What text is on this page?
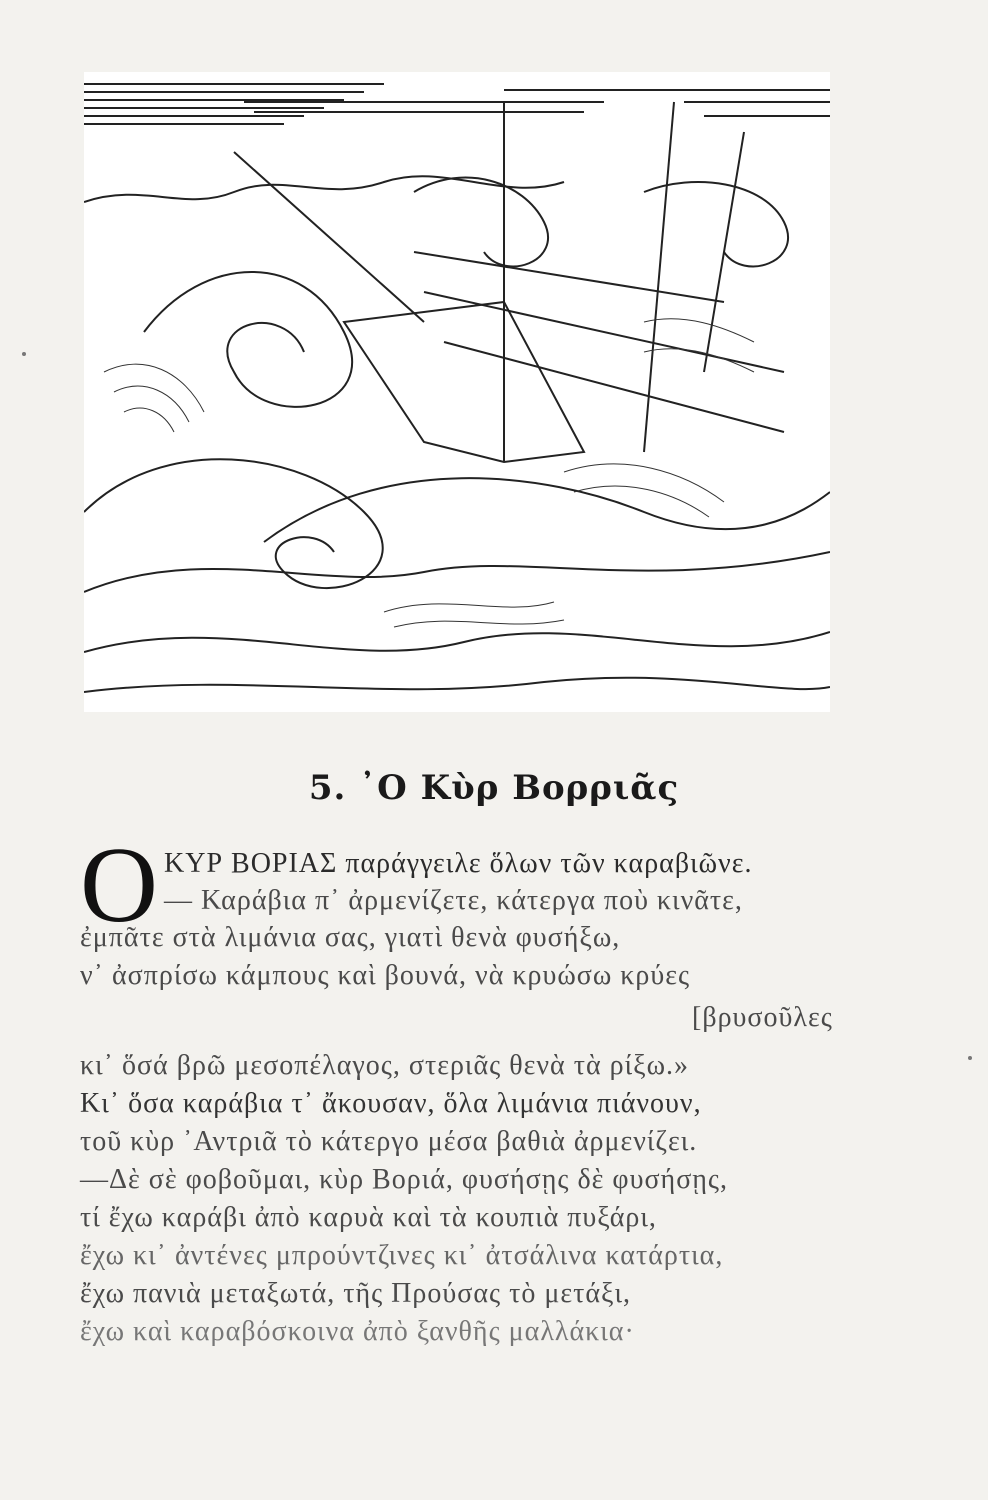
5. ᾿Ο Κὺρ Βορριᾶς
Ο ΚΥΡ ΒΟΡΙΑΣ παράγγειλε ὅλων τῶν καραβιῶνε.
— Καράβια π᾿ ἀρμενίζετε, κάτεργα ποὺ κινᾶτε,
ἐμπᾶτε στὰ λιμάνια σας, γιατὶ θενὰ φυσήξω,
ν᾿ ἀσπρίσω κάμπους καὶ βουνά, νὰ κρυώσω κρύες
[βρυσοῦλες
κι᾿ ὅσά βρῶ μεσοπέλαγος, στεριᾶς θενὰ τὰ ρίξω.»
Κι᾿ ὅσα καράβια τ᾿ ἄκουσαν, ὅλα λιμάνια πιάνουν,
τοῦ κὺρ ᾿Αντριᾶ τὸ κάτεργο μέσα βαθιὰ ἀρμενίζει.
—Δὲ σὲ φοβοῦμαι, κὺρ Βοριά, φυσήσῃς δὲ φυσήσῃς,
τί ἔχω καράβι ἀπὸ καρυὰ καὶ τὰ κουπιὰ πυξάρι,
ἔχω κι᾿ ἀντένες μπρούντζινες κι᾿ ἀτσάλινα κατάρτια,
ἔχω πανιὰ μεταξωτά, τῆς Προύσας τὸ μετάξι,
ἔχω καὶ καραβόσκοινα ἀπὸ ξανθῆς μαλλάκια·
